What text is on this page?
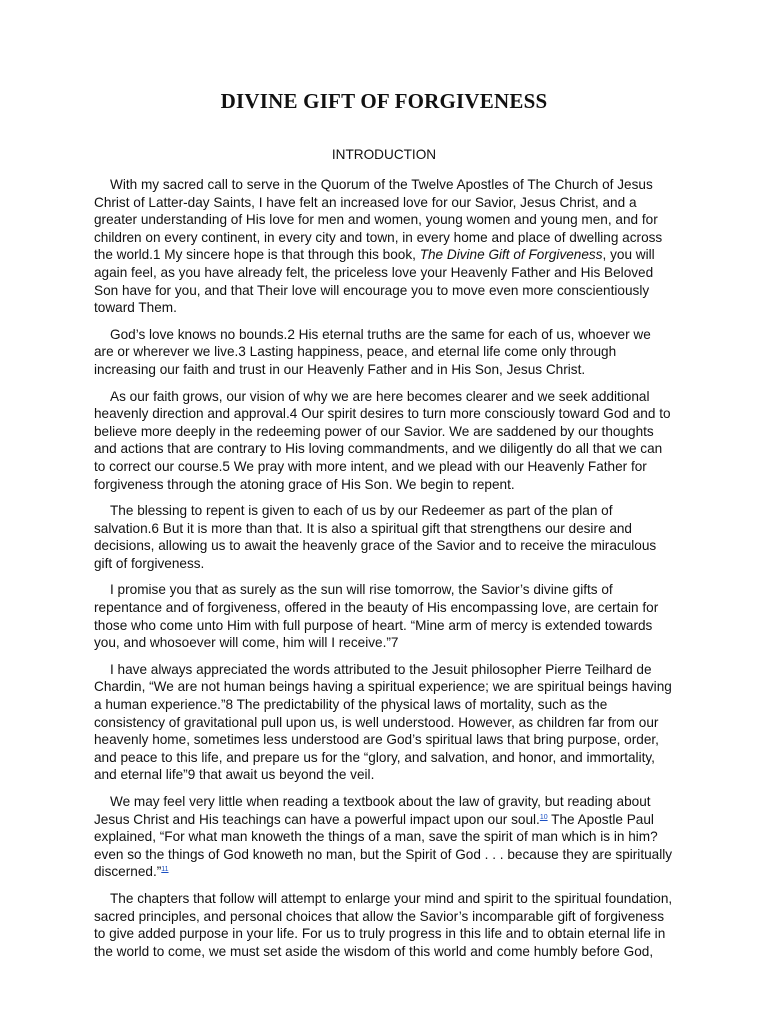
DIVINE GIFT OF FORGIVENESS
INTRODUCTION

With my sacred call to serve in the Quorum of the Twelve Apostles of The Church of Jesus Christ of Latter-day Saints, I have felt an increased love for our Savior, Jesus Christ, and a greater understanding of His love for men and women, young women and young men, and for children on every continent, in every city and town, in every home and place of dwelling across the world.1 My sincere hope is that through this book, The Divine Gift of Forgiveness, you will again feel, as you have already felt, the priceless love your Heavenly Father and His Beloved Son have for you, and that Their love will encourage you to move even more conscientiously toward Them.

God’s love knows no bounds.2 His eternal truths are the same for each of us, whoever we are or wherever we live.3 Lasting happiness, peace, and eternal life come only through increasing our faith and trust in our Heavenly Father and in His Son, Jesus Christ.

As our faith grows, our vision of why we are here becomes clearer and we seek additional heavenly direction and approval.4 Our spirit desires to turn more consciously toward God and to believe more deeply in the redeeming power of our Savior. We are saddened by our thoughts and actions that are contrary to His loving commandments, and we diligently do all that we can to correct our course.5 We pray with more intent, and we plead with our Heavenly Father for forgiveness through the atoning grace of His Son. We begin to repent.

The blessing to repent is given to each of us by our Redeemer as part of the plan of salvation.6 But it is more than that. It is also a spiritual gift that strengthens our desire and decisions, allowing us to await the heavenly grace of the Savior and to receive the miraculous gift of forgiveness.

I promise you that as surely as the sun will rise tomorrow, the Savior’s divine gifts of repentance and of forgiveness, offered in the beauty of His encompassing love, are certain for those who come unto Him with full purpose of heart. “Mine arm of mercy is extended towards you, and whosoever will come, him will I receive.”7

I have always appreciated the words attributed to the Jesuit philosopher Pierre Teilhard de Chardin, “We are not human beings having a spiritual experience; we are spiritual beings having a human experience.”8 The predictability of the physical laws of mortality, such as the consistency of gravitational pull upon us, is well understood. However, as children far from our heavenly home, sometimes less understood are God’s spiritual laws that bring purpose, order, and peace to this life, and prepare us for the “glory, and salvation, and honor, and immortality, and eternal life”9 that await us beyond the veil.

We may feel very little when reading a textbook about the law of gravity, but reading about Jesus Christ and His teachings can have a powerful impact upon our soul.$^{10}$ The Apostle Paul explained, “For what man knoweth the things of a man, save the spirit of man which is in him? even so the things of God knoweth no man, but the Spirit of God . . . because they are spiritually discerned.”$^{11}$

The chapters that follow will attempt to enlarge your mind and spirit to the spiritual foundation, sacred principles, and personal choices that allow the Savior’s incomparable gift of forgiveness to give added purpose in your life. For us to truly progress in this life and to obtain eternal life in the world to come, we must set aside the wisdom of this world and come humbly before God,
